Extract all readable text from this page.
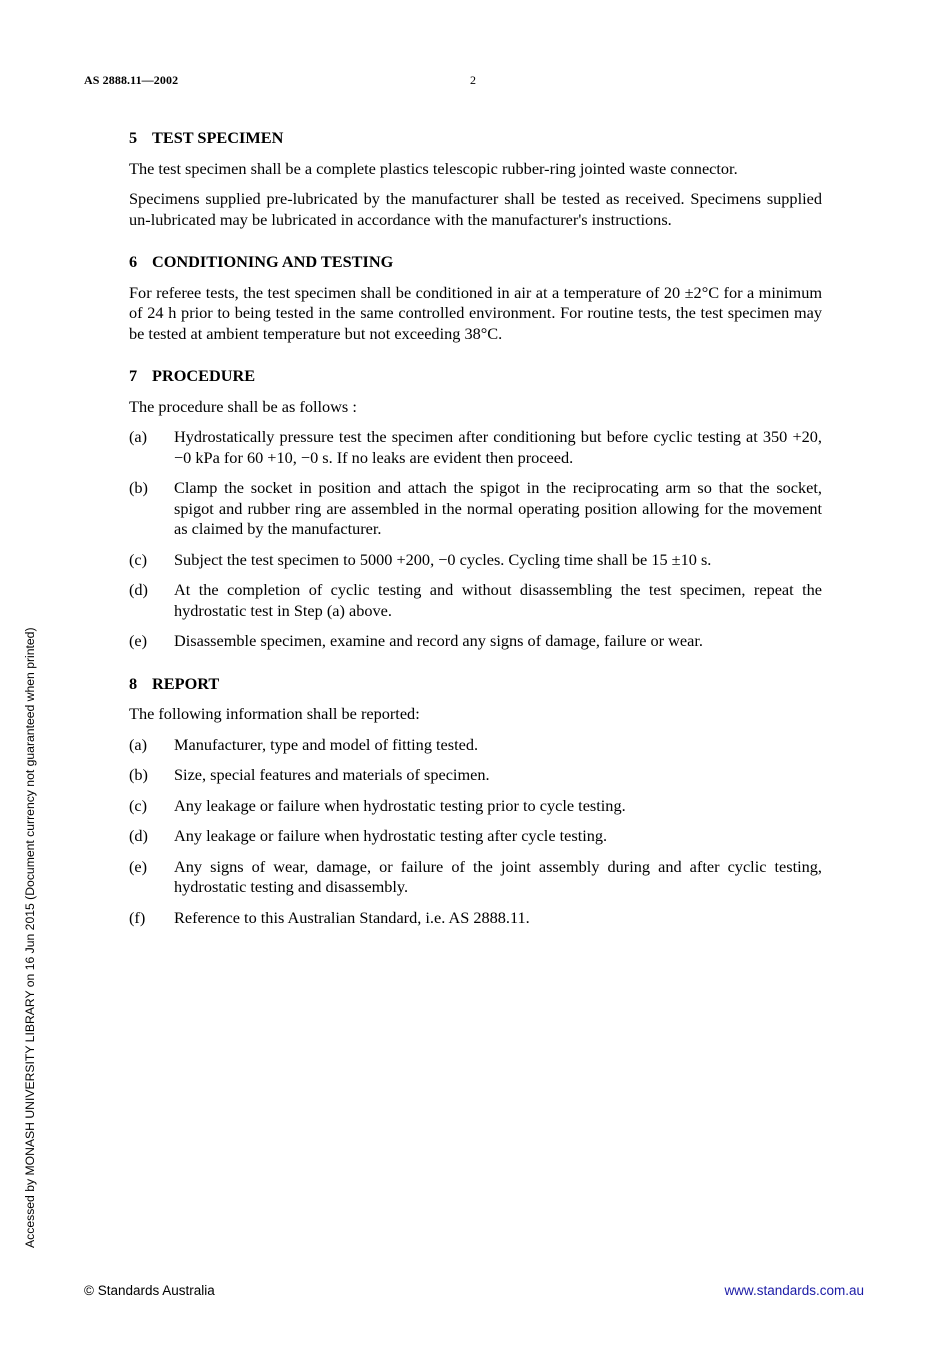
AS 2888.11—2002	2
5 TEST SPECIMEN

The test specimen shall be a complete plastics telescopic rubber-ring jointed waste connector.

Specimens supplied pre-lubricated by the manufacturer shall be tested as received. Specimens supplied un-lubricated may be lubricated in accordance with the manufacturer's instructions.

6 CONDITIONING AND TESTING

For referee tests, the test specimen shall be conditioned in air at a temperature of 20 ±2°C for a minimum of 24 h prior to being tested in the same controlled environment. For routine tests, the test specimen may be tested at ambient temperature but not exceeding 38°C.

7 PROCEDURE

The procedure shall be as follows :

(a)	Hydrostatically pressure test the specimen after conditioning but before cyclic testing at 350 +20, −0 kPa for 60 +10, −0 s. If no leaks are evident then proceed.
(b)	Clamp the socket in position and attach the spigot in the reciprocating arm so that the socket, spigot and rubber ring are assembled in the normal operating position allowing for the movement as claimed by the manufacturer.
(c)	Subject the test specimen to 5000 +200, −0 cycles. Cycling time shall be 15 ±10 s.
(d)	At the completion of cyclic testing and without disassembling the test specimen, repeat the hydrostatic test in Step (a) above.
(e)	Disassemble specimen, examine and record any signs of damage, failure or wear.
8 REPORT

The following information shall be reported:

(a)	Manufacturer, type and model of fitting tested.
(b)	Size, special features and materials of specimen.
(c)	Any leakage or failure when hydrostatic testing prior to cycle testing.
(d)	Any leakage or failure when hydrostatic testing after cycle testing.
(e)	Any signs of wear, damage, or failure of the joint assembly during and after cyclic testing, hydrostatic testing and disassembly.
(f)	Reference to this Australian Standard, i.e. AS 2888.11.
Accessed by MONASH UNIVERSITY LIBRARY on 16 Jun 2015 (Document currency not guaranteed when printed)
© Standards Australia	www.standards.com.au
